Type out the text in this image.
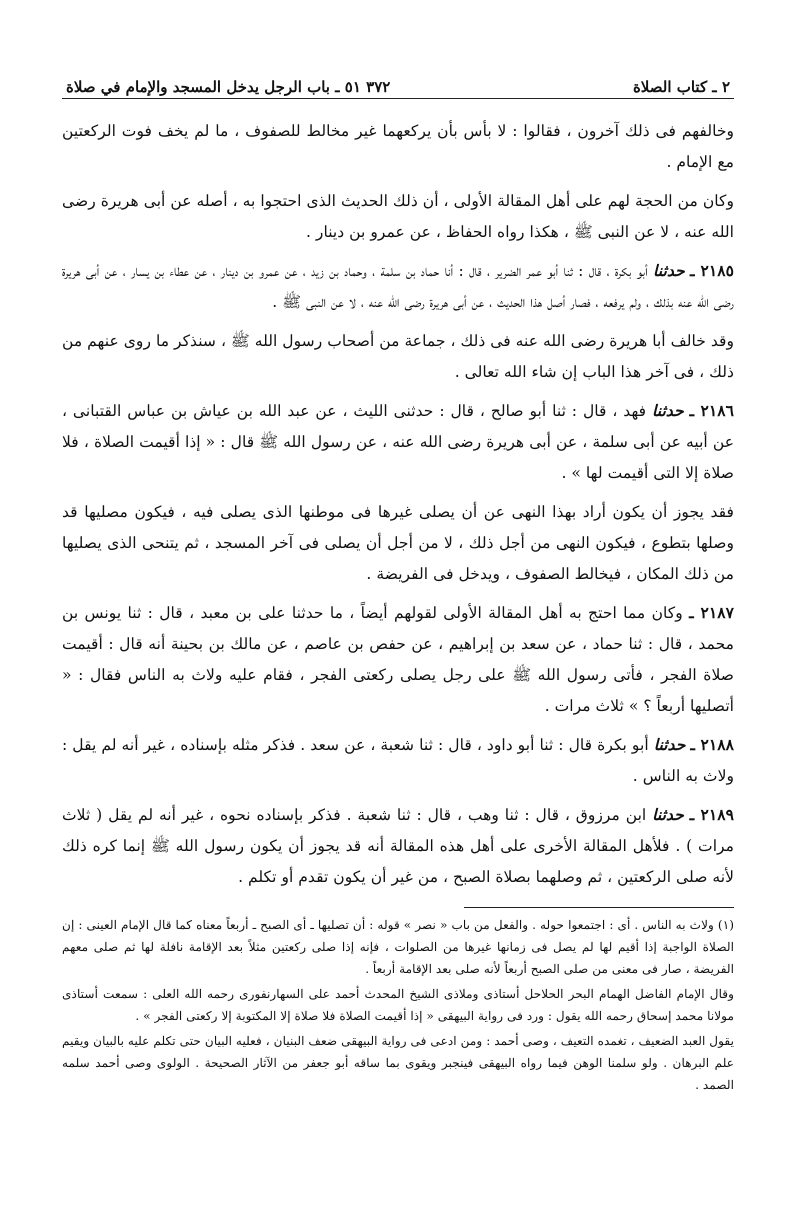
٢ ـ كتاب الصلاة
٣٧٢ ٥١ ـ باب الرجل يدخل المسجد والإمام في صلاة

وخالفهم فى ذلك آخرون ، فقالوا : لا بأس بأن يركعهما غير مخالط للصفوف ، ما لم يخف فوت الركعتين مع الإمام .

وكان من الحجة لهم على أهل المقالة الأولى ، أن ذلك الحديث الذى احتجوا به ، أصله عن أبى هريرة رضى الله عنه ، لا عن النبى ﷺ ، هكذا رواه الحفاظ ، عن عمرو بن دينار .

٢١٨٥ ـ حدثنا أبو بكرة ، قال : ثنا أبو عمر الضرير ، قال : أنا حماد بن سلمة ، وحماد بن زيد ، عن عمرو بن دينار ، عن عطاء بن يسار ، عن أبى هريرة رضى الله عنه بذلك ، ولم يرفعه ، فصار أصل هذا الحديث ، عن أبى هريرة رضى الله عنه ، لا عن النبى ﷺ .

وقد خالف أبا هريرة رضى الله عنه فى ذلك ، جماعة من أصحاب رسول الله ﷺ ، سنذكر ما روى عنهم من ذلك ، فى آخر هذا الباب إن شاء الله تعالى .

٢١٨٦ ـ حدثنا فهد ، قال : ثنا أبو صالح ، قال : حدثنى الليث ، عن عبد الله بن عياش بن عباس القتبانى ، عن أبيه عن أبى سلمة ، عن أبى هريرة رضى الله عنه ، عن رسول الله ﷺ قال : « إذا أقيمت الصلاة ، فلا صلاة إلا التى أقيمت لها » .

فقد يجوز أن يكون أراد بهذا النهى عن أن يصلى غيرها فى موطنها الذى يصلى فيه ، فيكون مصليها قد وصلها بتطوع ، فيكون النهى من أجل ذلك ، لا من أجل أن يصلى فى آخر المسجد ، ثم يتنحى الذى يصليها من ذلك المكان ، فيخالط الصفوف ، ويدخل فى الفريضة .

٢١٨٧ ـ وكان مما احتج به أهل المقالة الأولى لقولهم أيضاً ، ما حدثنا على بن معبد ، قال : ثنا يونس بن محمد ، قال : ثنا حماد ، عن سعد بن إبراهيم ، عن حفص بن عاصم ، عن مالك بن بحينة أنه قال : أقيمت صلاة الفجر ، فأتى رسول الله ﷺ على رجل يصلى ركعتى الفجر ، فقام عليه ولاث به الناس فقال : « أتصليها أربعاً ؟ » ثلاث مرات .

٢١٨٨ ـ حدثنا أبو بكرة قال : ثنا أبو داود ، قال : ثنا شعبة ، عن سعد . فذكر مثله بإسناده ، غير أنه لم يقل : ولاث به الناس .

٢١٨٩ ـ حدثنا ابن مرزوق ، قال : ثنا وهب ، قال : ثنا شعبة . فذكر بإسناده نحوه ، غير أنه لم يقل ( ثلاث مرات ) . فلأهل المقالة الأخرى على أهل هذه المقالة أنه قد يجوز أن يكون رسول الله ﷺ إنما كره ذلك لأنه صلى الركعتين ، ثم وصلهما بصلاة الصبح ، من غير أن يكون تقدم أو تكلم .

(١) ولاث به الناس . أى : اجتمعوا حوله . والفعل من باب « نصر » قوله : أن تصليها ـ أى الصبح ـ أربعاً معناه كما قال الإمام العينى : إن الصلاة الواجبة إذا أقيم لها لم يصل فى زمانها غيرها من الصلوات ، فإنه إذا صلى ركعتين مثلاً بعد الإقامة نافلة لها ثم صلى معهم الفريضة ، صار فى معنى من صلى الصبح أربعاً لأنه صلى بعد الإقامة أربعاً .

وقال الإمام الفاضل الهمام البحر الحلاحل أستاذى وملاذى الشيخ المحدث أحمد على السهارنفورى رحمه الله العلى : سمعت أستاذى مولانا محمد إسحاق رحمه الله يقول : ورد فى رواية البيهقى « إذا أقيمت الصلاة فلا صلاة إلا المكتوبة إلا ركعتى الفجر » .

يقول العبد الضعيف ، تغمده التعيف ، وصى أحمد : ومن ادعى فى رواية البيهقى ضعف البنيان ، فعليه البيان حتى تكلم عليه بالبيان ويقيم علم البرهان . ولو سلمنا الوهن فيما رواه البيهقى فينجبر ويقوى بما ساقه أبو جعفر من الآثار الصحيحة . الولوى وصى أحمد سلمه الصمد .
